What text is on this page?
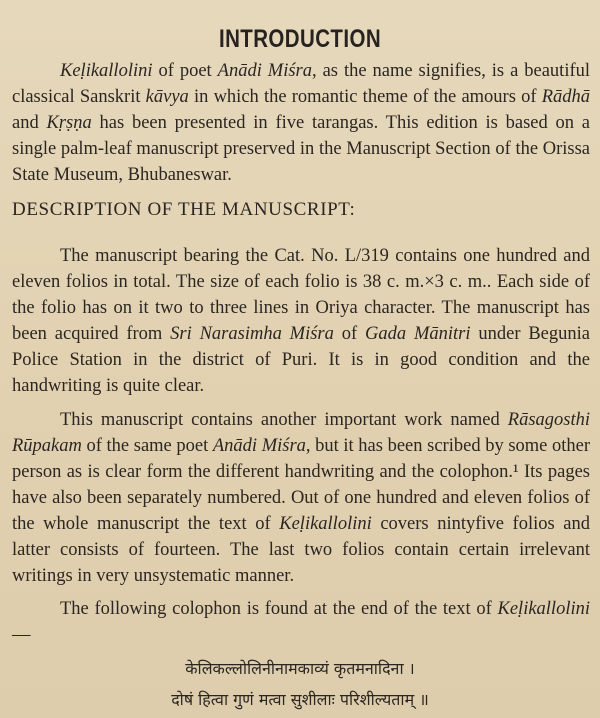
INTRODUCTION

Keḷikallolini of poet Anādi Miśra, as the name signifies, is a beautiful classical Sanskrit kāvya in which the romantic theme of the amours of Rādhā and Kṛṣṇa has been presented in five tarangas. This edition is based on a single palm-leaf manuscript preserved in the Manuscript Section of the Orissa State Museum, Bhubaneswar.

DESCRIPTION OF THE MANUSCRIPT:

The manuscript bearing the Cat. No. L/319 contains one hundred and eleven folios in total. The size of each folio is 38 c. m.×3 c. m.. Each side of the folio has on it two to three lines in Oriya character. The manuscript has been acquired from Sri Narasimha Miśra of Gada Mānitri under Begunia Police Station in the district of Puri. It is in good condition and the handwriting is quite clear.

This manuscript contains another important work named Rāsagosthi Rūpakam of the same poet Anādi Miśra, but it has been scribed by some other person as is clear form the different handwriting and the colophon.¹ Its pages have also been separately numbered. Out of one hundred and eleven folios of the whole manuscript the text of Keḷikallolini covers nintyfive folios and latter consists of fourteen. The last two folios contain certain irrelevant writings in very unsystematic manner.

The following colophon is found at the end of the text of Keḷikallolini—

केलिकल्लोलिनीनामकाव्यं कृतमनादिना ।
दोषं हित्वा गुणं मत्वा सुशीलाः परिशील्यताम् ॥
